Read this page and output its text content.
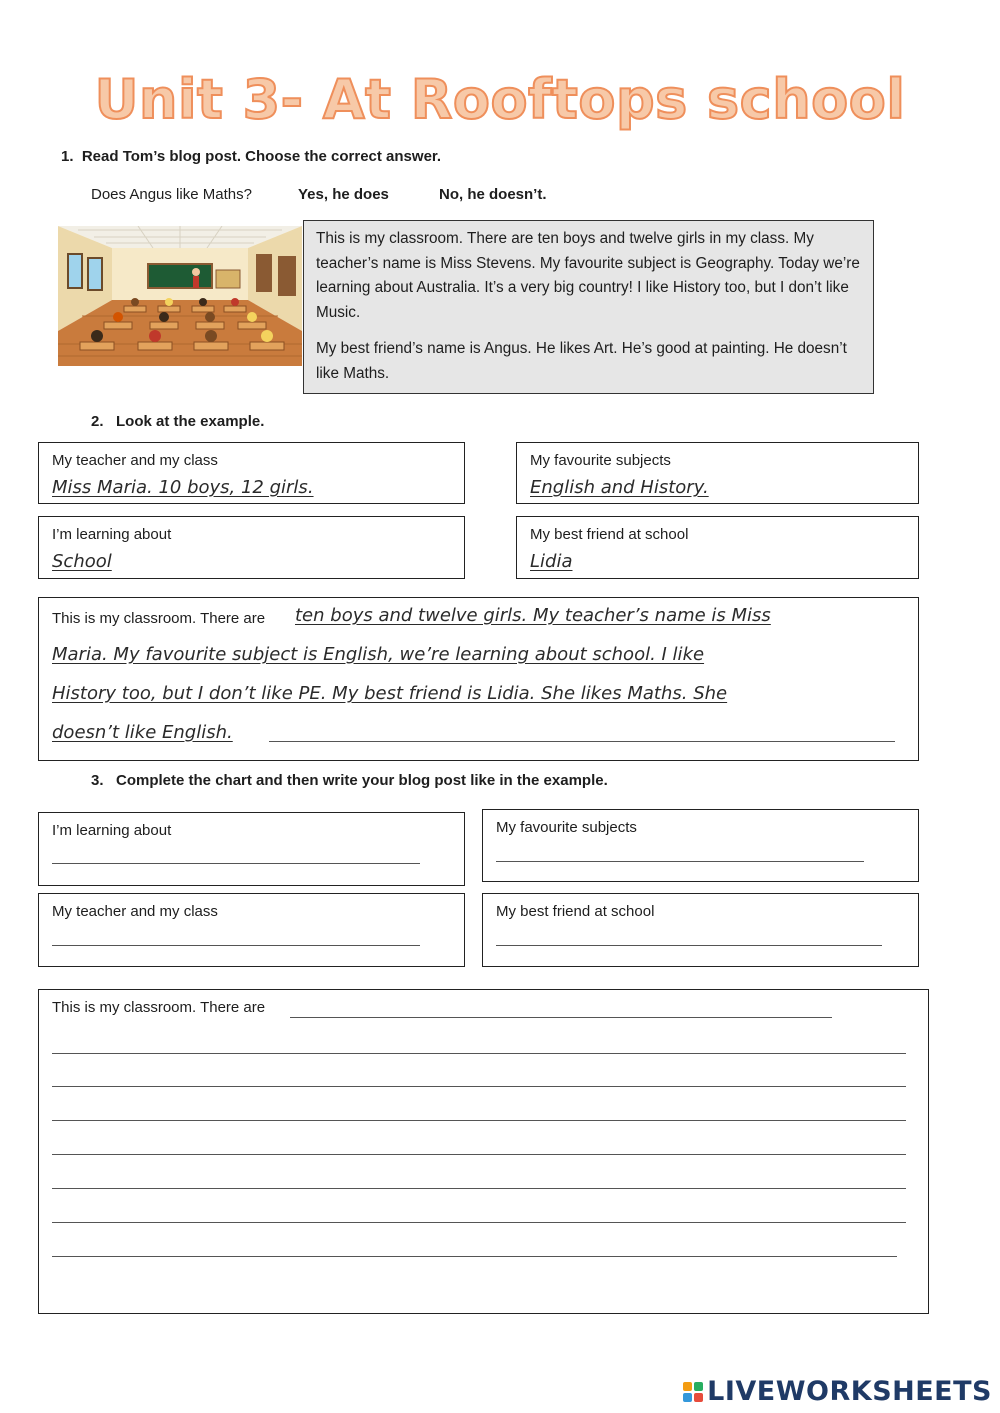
Unit 3- At Rooftops school
1.  Read Tom’s blog post. Choose the correct answer.
Does Angus like Maths?	Yes, he does	No, he doesn’t.

This is my classroom. There are ten boys and twelve girls in my class. My teacher’s name is Miss Stevens. My favourite subject is Geography. Today we’re learning about Australia. It’s a very big country! I like History too, but I don’t like Music.

My best friend’s name is Angus. He likes Art. He’s good at painting. He doesn’t like Maths.

2.   Look at the example.
My teacher and my class
Miss Maria. 10 boys, 12 girls.
My favourite subjects
English and History.
I’m learning about
School
My best friend at school
Lidia
This is my classroom. There are ten boys and twelve girls. My teacher’s name is Miss
Maria. My favourite subject is English, we’re learning about school. I like
History too, but I don’t like PE. My best friend is Lidia. She likes Maths. She
doesn’t like English.
3.   Complete the chart and then write your blog post like in the example.
I’m learning about	My favourite subjects
My teacher and my class	My best friend at school
This is my classroom. There are
LIVEWORKSHEETS
